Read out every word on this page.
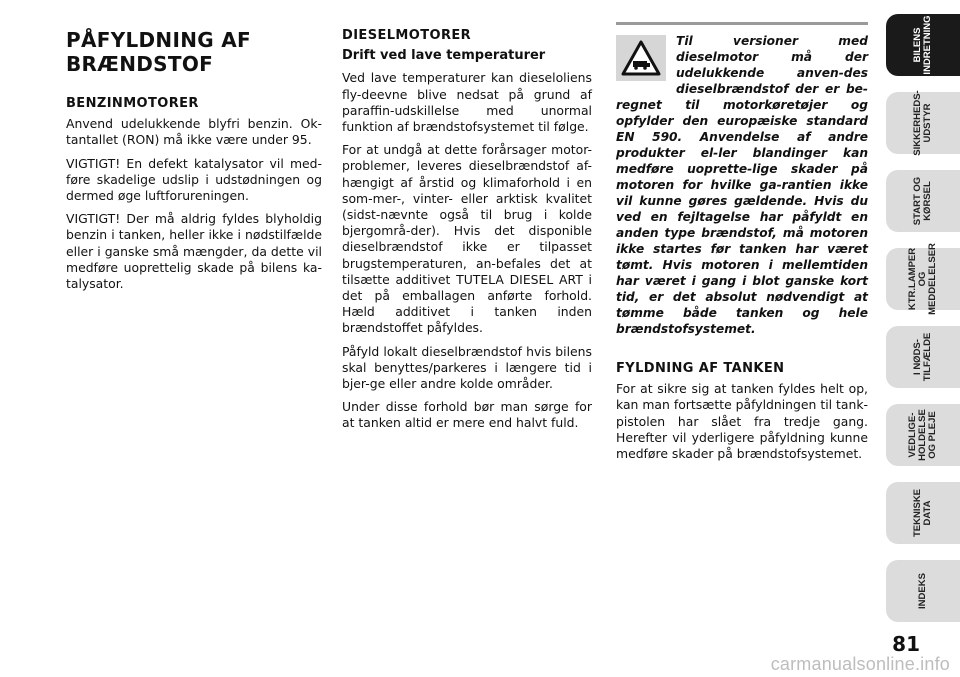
PÅFYLDNING AF
BRÆNDSTOF
BENZINMOTORER

Anvend udelukkende blyfri benzin. Ok-tantallet (RON) må ikke være under 95.

VIGTIGT! En defekt katalysator vil med-føre skadelige udslip i udstødningen og dermed øge luftforureningen.

VIGTIGT! Der må aldrig fyldes blyholdig benzin i tanken, heller ikke i nødstilfælde eller i ganske små mængder, da dette vil medføre uoprettelig skade på bilens ka-talysator.

DIESELMOTORER
Drift ved lave temperaturer

Ved lave temperaturer kan dieseloliens fly-deevne blive nedsat på grund af paraffin-udskillelse med unormal funktion af brændstofsystemet til følge.

For at undgå at dette forårsager motor-problemer, leveres dieselbrændstof af-hængigt af årstid og klimaforhold i en som-mer-, vinter- eller arktisk kvalitet (sidst-nævnte også til brug i kolde bjergområ-der). Hvis det disponible dieselbrændstof ikke er tilpasset brugstemperaturen, an-befales det at tilsætte additivet TUTELA DIESEL ART i det på emballagen anførte forhold. Hæld additivet i tanken inden brændstoffet påfyldes.

Påfyld lokalt dieselbrændstof hvis bilens skal benyttes/parkeres i længere tid i bjer-ge eller andre kolde områder.

Under disse forhold bør man sørge for at tanken altid er mere end halvt fuld.

Til versioner med dieselmotor må der udelukkende anven-des dieselbrændstof der er be-regnet til motorkøretøjer og opfylder den europæiske standard EN 590. Anvendelse af andre produkter el-ler blandinger kan medføre uoprette-lige skader på motoren for hvilke ga-rantien ikke vil kunne gøres gældende. Hvis du ved en fejltagelse har påfyldt en anden type brændstof, må motoren ikke startes før tanken har været tømt. Hvis motoren i mellemtiden har været i gang i blot ganske kort tid, er det absolut nødvendigt at tømme både tanken og hele brændstofsystemet.
FYLDNING AF TANKEN

For at sikre sig at tanken fyldes helt op, kan man fortsætte påfyldningen til tank-pistolen har slået fra tredje gang. Herefter vil yderligere påfyldning kunne medføre skader på brændstofsystemet.

BILENS
INDRETNING
SIKKERHEDS-
UDSTYR
START OG
KØRSEL
KTR.LAMPER
OG
MEDDELELSER
I NØDS-
TILFÆLDE
VEDLIGE-
HOLDELSE
OG PLEJE
TEKNISKE
DATA
INDEKS
81
carmanualsonline.info
